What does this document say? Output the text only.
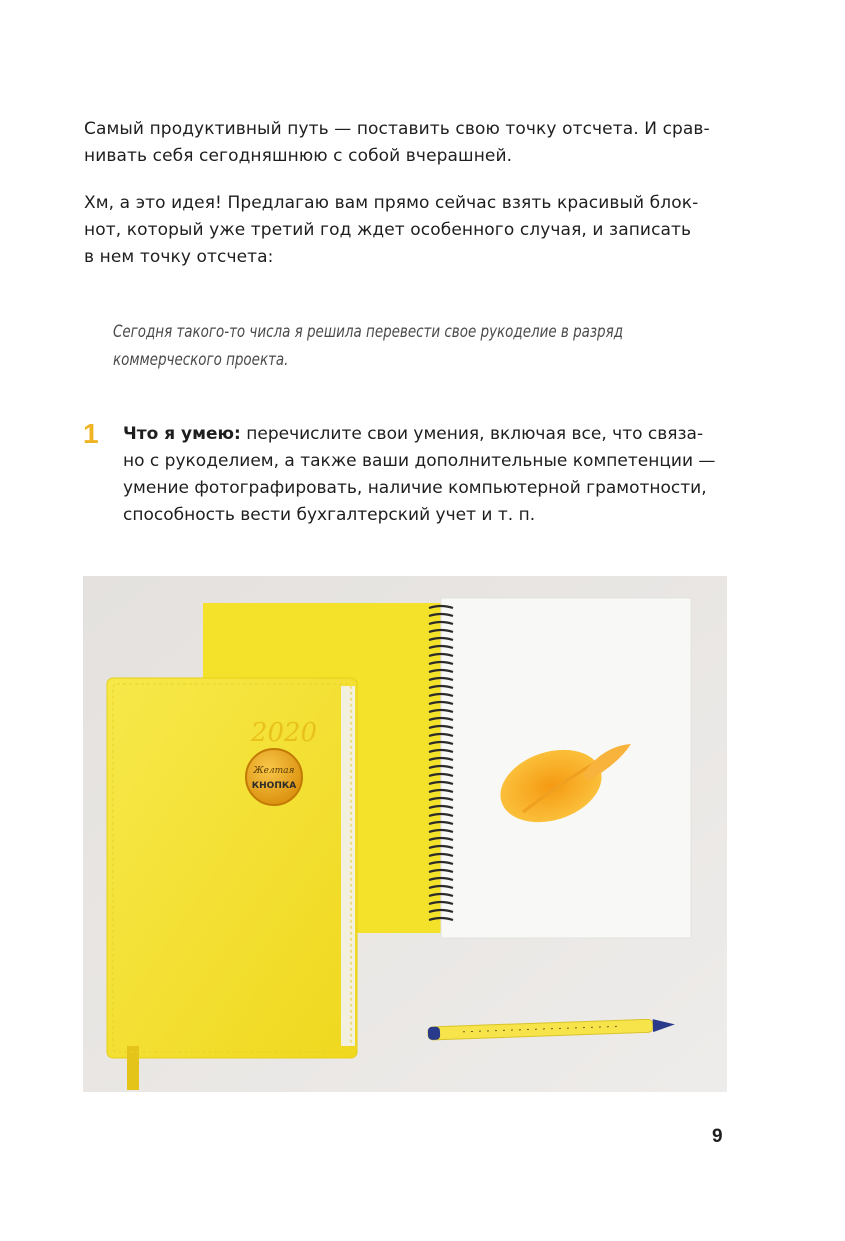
Самый продуктивный путь — поставить свою точку отсчета. И срав-
нивать себя сегодняшнюю с собой вчерашней.

Хм, а это идея! Предлагаю вам прямо сейчас взять красивый блок-
нот, который уже третий год ждет особенного случая, и записать
в нем точку отсчета:

Сегодня такого-то числа я решила перевести свое рукоделие в разряд
коммерческого проекта.

1 Что я умею: перечислите свои умения, включая все, что связа-
но с рукоделием, а также ваши дополнительные компетенции —
умение фотографировать, наличие компьютерной грамотности,
способность вести бухгалтерский учет и т. п.

2020
Желтая
КНОПКА
9
